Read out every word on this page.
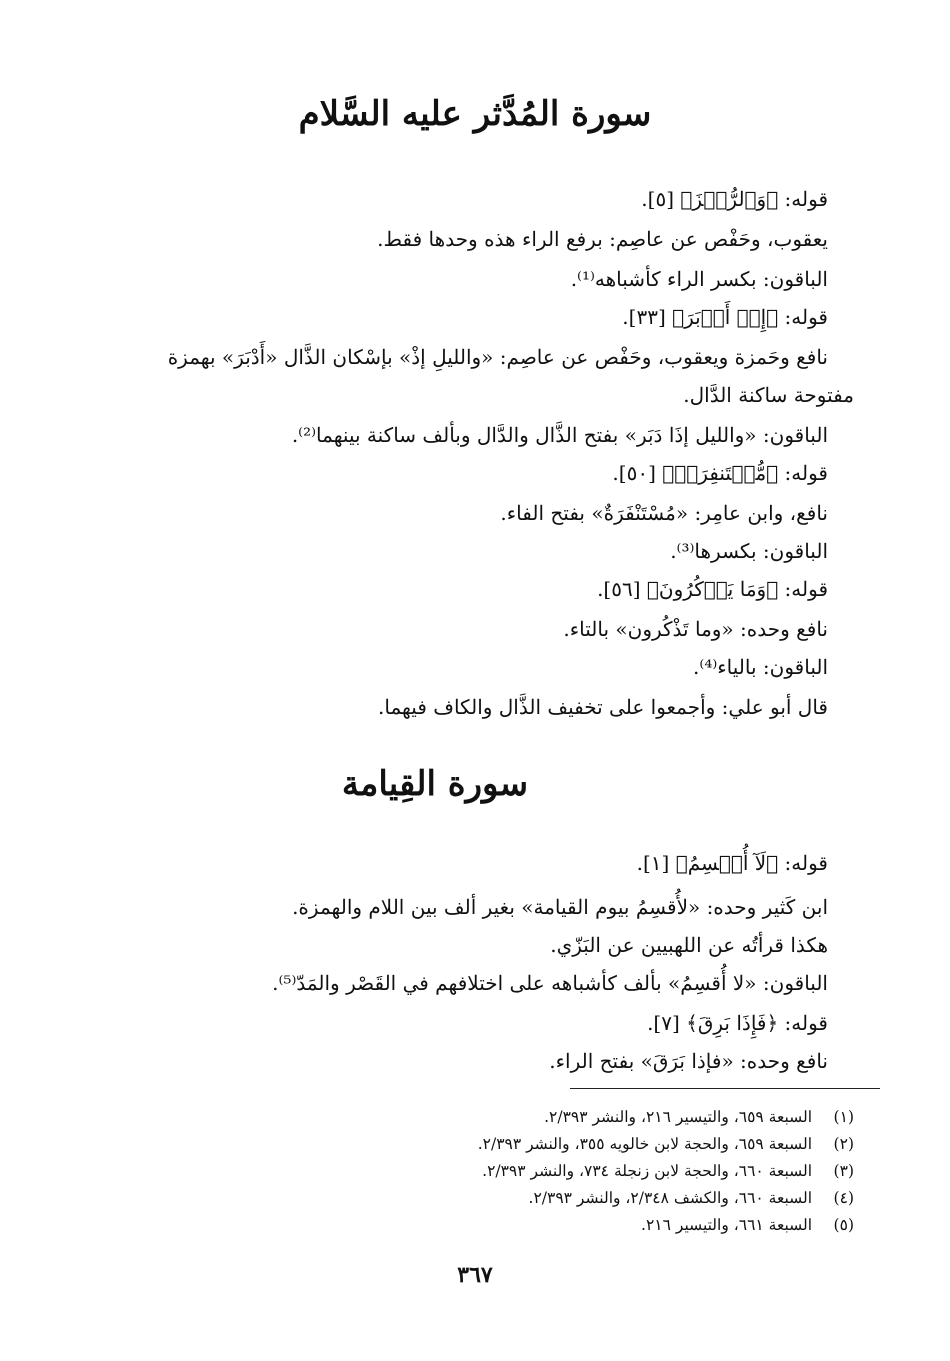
سورة المُدَّثر عليه السَّلام
قوله: ﴿وَٱلرُّجۡزَ﴾ [٥].
يعقوب، وحَفْص عن عاصِم: برفع الراء هذه وحدها فقط.
الباقون: بكسر الراء كأشباهه⁽¹⁾.
قوله: ﴿إِذۡ أَدۡبَرَ﴾ [٣٣].
نافع وحَمزة ويعقوب، وحَفْص عن عاصِم: «والليلِ إذْ» بإسْكان الذَّال «أَدْبَرَ» بهمزة
مفتوحة ساكنة الدَّال.
الباقون: «والليل إذَا دَبَر» بفتح الذَّال والدَّال وبألف ساكنة بينهما⁽²⁾.
قوله: ﴿مُّسۡتَنفِرَةٞ﴾ [٥٠].
نافع، وابن عامِر: «مُسْتَنْفَرَةٌ» بفتح الفاء.
الباقون: بكسرها⁽³⁾.
قوله: ﴿وَمَا يَذۡكُرُونَ﴾ [٥٦].
نافع وحده: «وما تَذْكُرون» بالتاء.
الباقون: بالياء⁽⁴⁾.
قال أبو علي: وأجمعوا على تخفيف الذَّال والكاف فيهما.
سورة القِيامة
قوله: ﴿لَآ أُقۡسِمُ﴾ [١].
ابن كَثير وحده: «لأُقسِمُ بيوم القيامة» بغير ألف بين اللام والهمزة.
هكذا قرأتُه عن اللهبيين عن البَزّي.
الباقون: «لا أُقسِمُ» بألف كأشباهه على اختلافهم في القَصْر والمَدّ⁽⁵⁾.
قوله: ﴿فَإِذَا بَرِقَ﴾ [٧].
نافع وحده: «فإذا بَرَقَ» بفتح الراء.
(١)السبعة ٦٥٩، والتيسير ٢١٦، والنشر ٢/٣٩٣.
(٢)السبعة ٦٥٩، والحجة لابن خالويه ٣٥٥، والنشر ٢/٣٩٣.
(٣)السبعة ٦٦٠، والحجة لابن زنجلة ٧٣٤، والنشر ٢/٣٩٣.
(٤)السبعة ٦٦٠، والكشف ٢/٣٤٨، والنشر ٢/٣٩٣.
(٥)السبعة ٦٦١، والتيسير ٢١٦.
٣٦٧
